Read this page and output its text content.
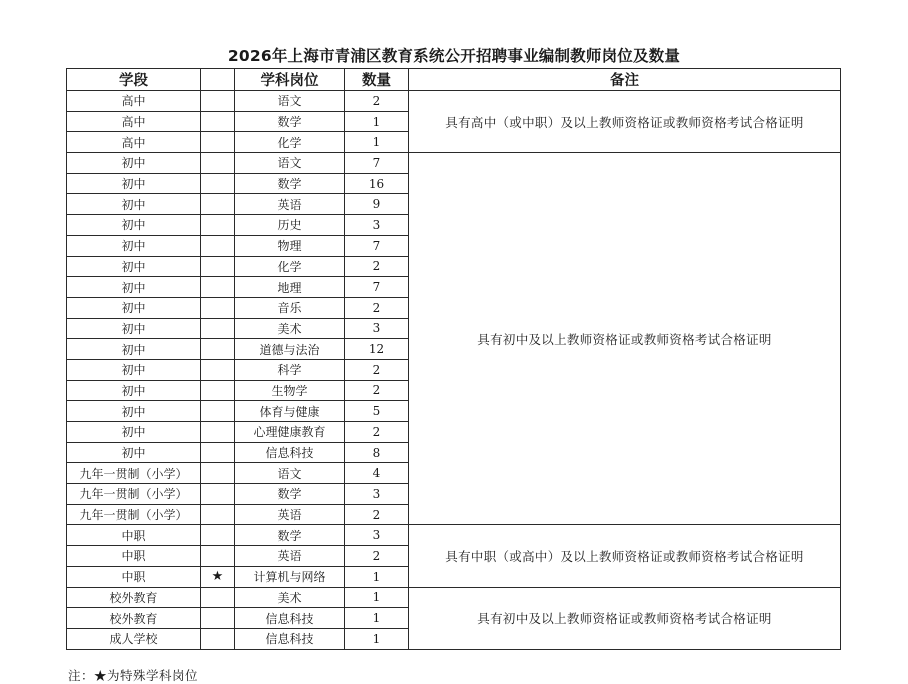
2026年上海市青浦区教育系统公开招聘事业编制教师岗位及数量
学段		学科岗位	数量	备注
高中		语文	2	具有高中（或中职）及以上教师资格证或教师资格考试合格证明
高中		数学	1	
高中		化学	1	
初中		语文	7	具有初中及以上教师资格证或教师资格考试合格证明
初中		数学	16	
初中		英语	9	
初中		历史	3	
初中		物理	7	
初中		化学	2	
初中		地理	7	
初中		音乐	2	
初中		美术	3	
初中		道德与法治	12	
初中		科学	2	
初中		生物学	2	
初中		体育与健康	5	
初中		心理健康教育	2	
初中		信息科技	8	
九年一贯制（小学）		语文	4	
九年一贯制（小学）		数学	3	
九年一贯制（小学）		英语	2	
中职		数学	3	具有中职（或高中）及以上教师资格证或教师资格考试合格证明
中职		英语	2	
中职	★	计算机与网络	1	
校外教育		美术	1	具有初中及以上教师资格证或教师资格考试合格证明
校外教育		信息科技	1	
成人学校		信息科技	1	
注：★为特殊学科岗位
